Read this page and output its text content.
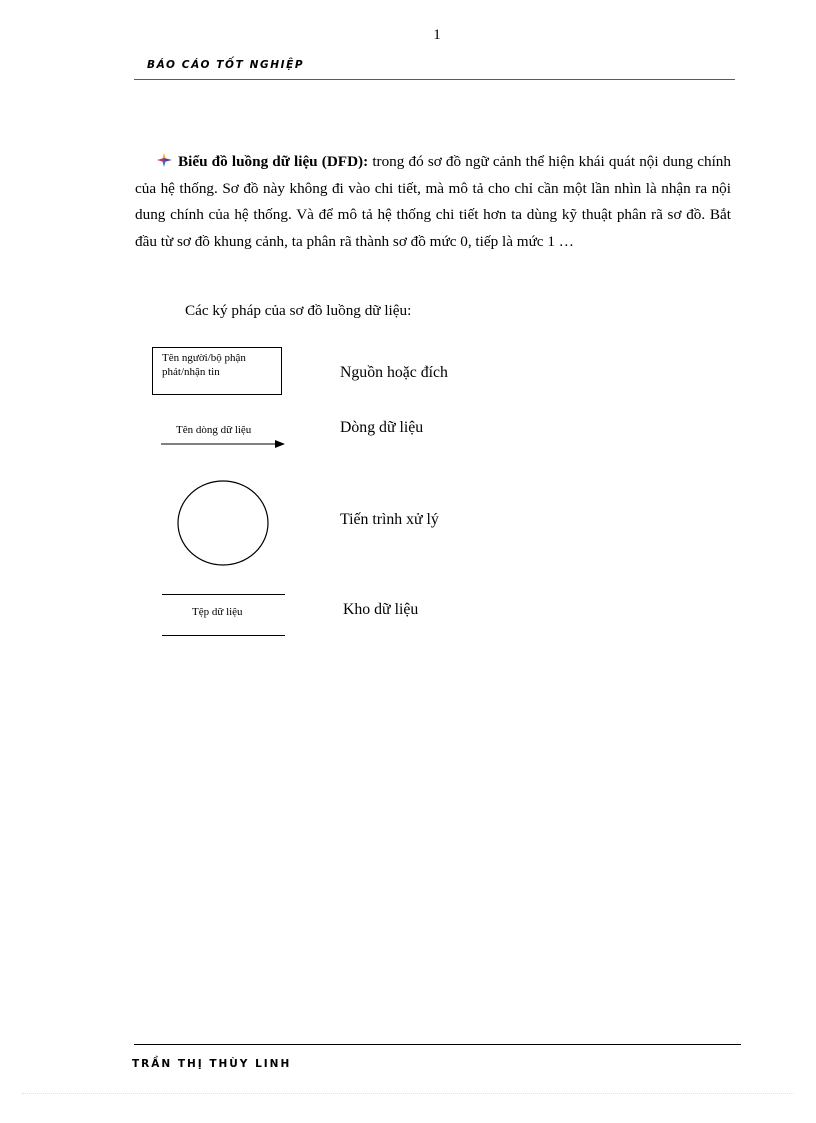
1
BÁO CÁO TỐT NGHIỆP

Biểu đồ luồng dữ liệu (DFD): trong đó sơ đồ ngữ cảnh thể hiện khái quát nội dung chính của hệ thống. Sơ đồ này không đi vào chi tiết, mà mô tả cho chỉ cần một lần nhìn là nhận ra nội dung chính của hệ thống. Và để mô tả hệ thống chi tiết hơn ta dùng kỹ thuật phân rã sơ đồ. Bắt đầu từ sơ đồ khung cảnh, ta phân rã thành sơ đồ mức 0, tiếp là mức 1 …

Các ký pháp của sơ đồ luồng dữ liệu:
Tên người/bộ phận
phát/nhận tin	Nguồn hoặc đích
Tên dòng dữ liệu	Dòng dữ liệu
Tiến trình xử lý
Tệp dữ liệu	Kho dữ liệu
TRẦN THỊ THÙY LINH
